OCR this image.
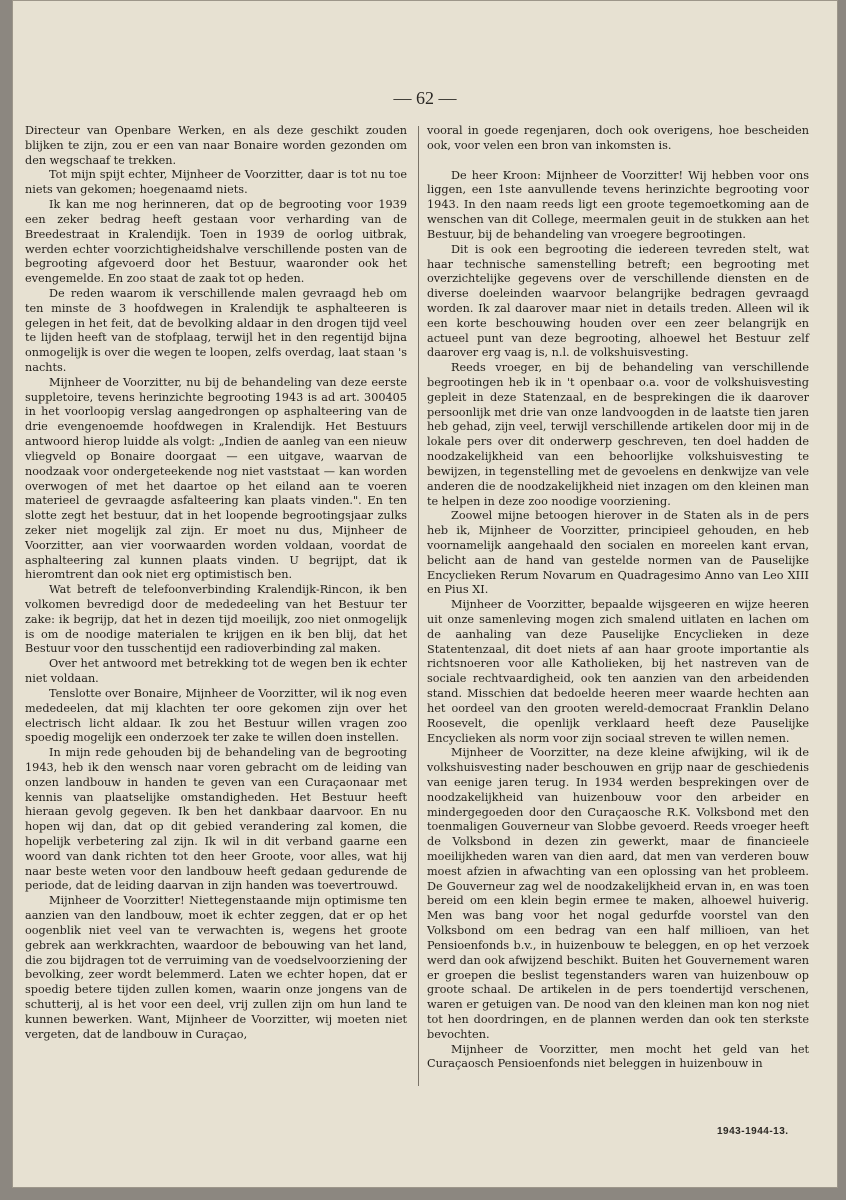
— 62 —

Directeur van Openbare Werken, en als deze geschikt zouden blijken te zijn, zou er een van naar Bonaire worden gezonden om den wegschaaf te trekken.

Tot mijn spijt echter, Mijnheer de Voorzitter, daar is tot nu toe niets van gekomen; hoegenaamd niets.

Ik kan me nog herinneren, dat op de begrooting voor 1939 een zeker bedrag heeft gestaan voor verharding van de Breedestraat in Kralendijk. Toen in 1939 de oorlog uitbrak, werden echter voorzichtigheidshalve verschillende posten van de begrooting afgevoerd door het Bestuur, waaronder ook het evengemelde. En zoo staat de zaak tot op heden.

De reden waarom ik verschillende malen gevraagd heb om ten minste de 3 hoofdwegen in Kralendijk te asphalteeren is gelegen in het feit, dat de bevolking aldaar in den drogen tijd veel te lijden heeft van de stofplaag, terwijl het in den regentijd bijna onmogelijk is over die wegen te loopen, zelfs overdag, laat staan 's nachts.

Mijnheer de Voorzitter, nu bij de behandeling van deze eerste suppletoire, tevens herinzichte begrooting 1943 is ad art. 300405 in het voorloopig verslag aangedrongen op asphalteering van de drie evengenoemde hoofdwegen in Kralendijk. Het Bestuurs antwoord hierop luidde als volgt: „Indien de aanleg van een nieuw vliegveld op Bonaire doorgaat — een uitgave, waarvan de noodzaak voor ondergeteekende nog niet vaststaat — kan worden overwogen of met het daartoe op het eiland aan te voeren materieel de gevraagde asfalteering kan plaats vinden.". En ten slotte zegt het bestuur, dat in het loopende begrootingsjaar zulks zeker niet mogelijk zal zijn. Er moet nu dus, Mijnheer de Voorzitter, aan vier voorwaarden worden voldaan, voordat de asphalteering zal kunnen plaats vinden. U begrijpt, dat ik hieromtrent dan ook niet erg optimistisch ben.

Wat betreft de telefoonverbinding Kralendijk-Rincon, ik ben volkomen bevredigd door de mededeeling van het Bestuur ter zake: ik begrijp, dat het in dezen tijd moeilijk, zoo niet onmogelijk is om de noodige materialen te krijgen en ik ben blij, dat het Bestuur voor den tusschentijd een radioverbinding zal maken.

Over het antwoord met betrekking tot de wegen ben ik echter niet voldaan.

Tenslotte over Bonaire, Mijnheer de Voorzitter, wil ik nog even mededeelen, dat mij klachten ter oore gekomen zijn over het electrisch licht aldaar. Ik zou het Bestuur willen vragen zoo spoedig mogelijk een onderzoek ter zake te willen doen instellen.

In mijn rede gehouden bij de behandeling van de begrooting 1943, heb ik den wensch naar voren gebracht om de leiding van onzen landbouw in handen te geven van een Curaçaonaar met kennis van plaatselijke omstandigheden. Het Bestuur heeft hieraan gevolg gegeven. Ik ben het dankbaar daarvoor. En nu hopen wij dan, dat op dit gebied verandering zal komen, die hopelijk verbetering zal zijn. Ik wil in dit verband gaarne een woord van dank richten tot den heer Groote, voor alles, wat hij naar beste weten voor den landbouw heeft gedaan gedurende de periode, dat de leiding daarvan in zijn handen was toevertrouwd.

Mijnheer de Voorzitter! Niettegenstaande mijn optimisme ten aanzien van den landbouw, moet ik echter zeggen, dat er op het oogenblik niet veel van te verwachten is, wegens het groote gebrek aan werkkrachten, waardoor de bebouwing van het land, die zou bijdragen tot de verruiming van de voedselvoorziening der bevolking, zeer wordt belemmerd. Laten we echter hopen, dat er spoedig betere tijden zullen komen, waarin onze jongens van de schutterij, al is het voor een deel, vrij zullen zijn om hun land te kunnen bewerken. Want, Mijnheer de Voorzitter, wij moeten niet vergeten, dat de landbouw in Curaçao,

vooral in goede regenjaren, doch ook overigens, hoe bescheiden ook, voor velen een bron van inkomsten is.

De heer Kroon: Mijnheer de Voorzitter! Wij hebben voor ons liggen, een 1ste aanvullende tevens herinzichte begrooting voor 1943. In den naam reeds ligt een groote tegemoetkoming aan de wenschen van dit College, meermalen geuit in de stukken aan het Bestuur, bij de behandeling van vroegere begrootingen.

Dit is ook een begrooting die iedereen tevreden stelt, wat haar technische samenstelling betreft; een begrooting met overzichtelijke gegevens over de verschillende diensten en de diverse doeleinden waarvoor belangrijke bedragen gevraagd worden. Ik zal daarover maar niet in details treden. Alleen wil ik een korte beschouwing houden over een zeer belangrijk en actueel punt van deze begrooting, alhoewel het Bestuur zelf daarover erg vaag is, n.l. de volkshuisvesting.

Reeds vroeger, en bij de behandeling van verschillende begrootingen heb ik in 't openbaar o.a. voor de volkshuisvesting gepleit in deze Statenzaal, en de besprekingen die ik daarover persoonlijk met drie van onze landvoogden in de laatste tien jaren heb gehad, zijn veel, terwijl verschillende artikelen door mij in de lokale pers over dit onderwerp geschreven, ten doel hadden de noodzakelijkheid van een behoorlijke volkshuisvesting te bewijzen, in tegenstelling met de gevoelens en denkwijze van vele anderen die de noodzakelijkheid niet inzagen om den kleinen man te helpen in deze zoo noodige voorziening.

Zoowel mijne betoogen hierover in de Staten als in de pers heb ik, Mijnheer de Voorzitter, principieel gehouden, en heb voornamelijk aangehaald den socialen en moreelen kant ervan, belicht aan de hand van gestelde normen van de Pauselijke Encyclieken Rerum Novarum en Quadragesimo Anno van Leo XIII en Pius XI.

Mijnheer de Voorzitter, bepaalde wijsgeeren en wijze heeren uit onze samenleving mogen zich smalend uitlaten en lachen om de aanhaling van deze Pauselijke Encyclieken in deze Statentenzaal, dit doet niets af aan haar groote importantie als richtsnoeren voor alle Katholieken, bij het nastreven van de sociale rechtvaardigheid, ook ten aanzien van den arbeidenden stand. Misschien dat bedoelde heeren meer waarde hechten aan het oordeel van den grooten wereld-democraat Franklin Delano Roosevelt, die openlijk verklaard heeft deze Pauselijke Encyclieken als norm voor zijn sociaal streven te willen nemen.

Mijnheer de Voorzitter, na deze kleine afwijking, wil ik de volkshuisvesting nader beschouwen en grijp naar de geschiedenis van eenige jaren terug. In 1934 werden besprekingen over de noodzakelijkheid van huizenbouw voor den arbeider en mindergegoeden door den Curaçaosche R.K. Volksbond met den toenmaligen Gouverneur van Slobbe gevoerd. Reeds vroeger heeft de Volksbond in dezen zin gewerkt, maar de financieele moeilijkheden waren van dien aard, dat men van verderen bouw moest afzien in afwachting van een oplossing van het probleem. De Gouverneur zag wel de noodzakelijkheid ervan in, en was toen bereid om een klein begin ermee te maken, alhoewel huiverig. Men was bang voor het nogal gedurfde voorstel van den Volksbond om een bedrag van een half millioen, van het Pensioenfonds b.v., in huizenbouw te beleggen, en op het verzoek werd dan ook afwijzend beschikt. Buiten het Gouvernement waren er groepen die beslist tegenstanders waren van huizenbouw op groote schaal. De artikelen in de pers toendertijd verschenen, waren er getuigen van. De nood van den kleinen man kon nog niet tot hen doordringen, en de plannen werden dan ook ten sterkste bevochten.

Mijnheer de Voorzitter, men mocht het geld van het Curaçaosch Pensioenfonds niet beleggen in huizenbouw in

1943-1944-13.
